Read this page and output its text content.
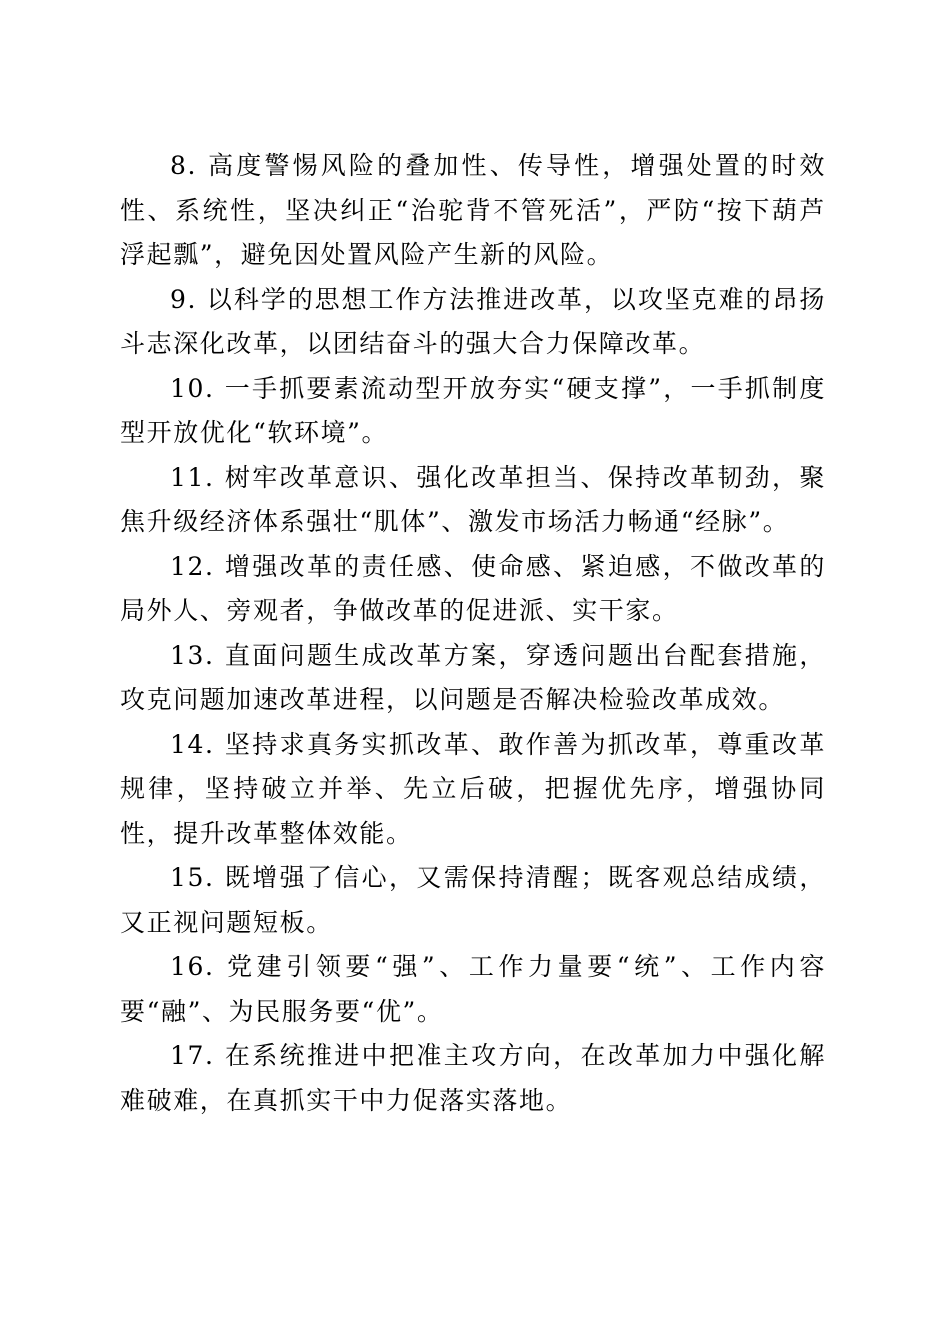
8. 高度警惕风险的叠加性、传导性，增强处置的时效性、系统性，坚决纠正“治驼背不管死活”，严防“按下葫芦浮起瓢”，避免因处置风险产生新的风险。

9. 以科学的思想工作方法推进改革，以攻坚克难的昂扬斗志深化改革，以团结奋斗的强大合力保障改革。

10. 一手抓要素流动型开放夯实“硬支撑”，一手抓制度型开放优化“软环境”。

11. 树牢改革意识、强化改革担当、保持改革韧劲，聚焦升级经济体系强壮“肌体”、激发市场活力畅通“经脉”。

12. 增强改革的责任感、使命感、紧迫感，不做改革的局外人、旁观者，争做改革的促进派、实干家。

13. 直面问题生成改革方案，穿透问题出台配套措施，攻克问题加速改革进程，以问题是否解决检验改革成效。

14. 坚持求真务实抓改革、敢作善为抓改革，尊重改革规律，坚持破立并举、先立后破，把握优先序，增强协同性，提升改革整体效能。

15. 既增强了信心，又需保持清醒；既客观总结成绩，又正视问题短板。

16. 党建引领要“强”、工作力量要“统”、工作内容要“融”、为民服务要“优”。

17. 在系统推进中把准主攻方向，在改革加力中强化解难破难，在真抓实干中力促落实落地。
